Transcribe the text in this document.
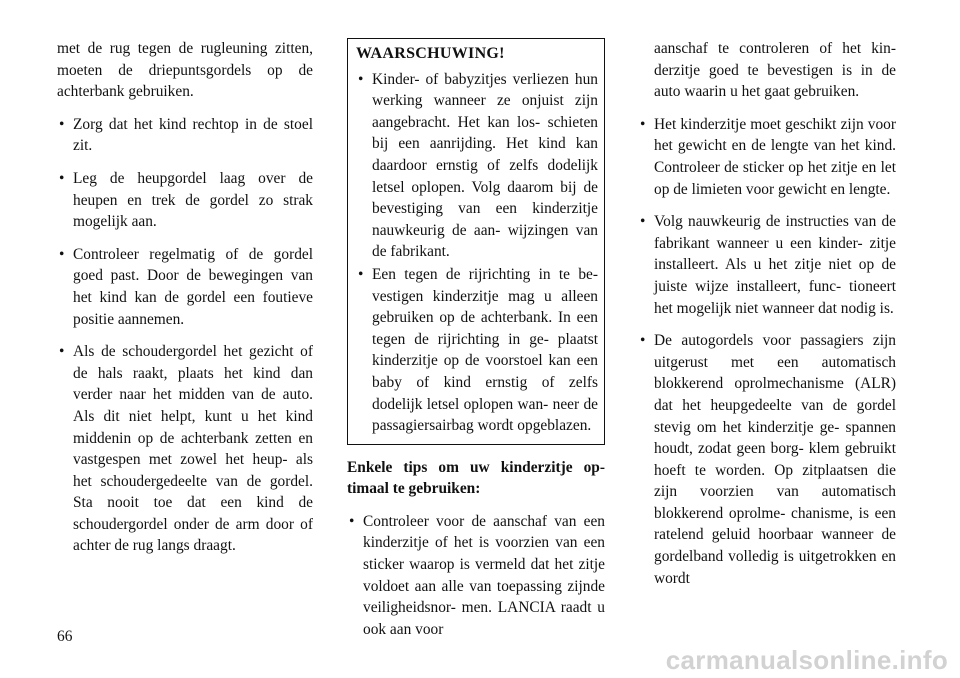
met de rug tegen de rugleuning zitten, moeten de driepuntsgordels op de achterbank gebruiken.

• Zorg dat het kind rechtop in de stoel zit.
• Leg de heupgordel laag over de heupen en trek de gordel zo strak mogelijk aan.
• Controleer regelmatig of de gordel goed past. Door de bewegingen van het kind kan de gordel een foutieve positie aannemen.
• Als de schoudergordel het gezicht of de hals raakt, plaats het kind dan verder naar het midden van de auto. Als dit niet helpt, kunt u het kind middenin op de achterbank zetten en vastgespen met zowel het heup- als het schoudergedeelte van de gordel. Sta nooit toe dat een kind de schoudergordel onder de arm door of achter de rug langs draagt.
WAARSCHUWING!
• Kinder- of babyzitjes verliezen hun werking wanneer ze onjuist zijn aangebracht. Het kan los- schieten bij een aanrijding. Het kind kan daardoor ernstig of zelfs dodelijk letsel oplopen. Volg daarom bij de bevestiging van een kinderzitje nauwkeurig de aan- wijzingen van de fabrikant.
• Een tegen de rijrichting in te be- vestigen kinderzitje mag u alleen gebruiken op de achterbank. In een tegen de rijrichting in ge- plaatst kinderzitje op de voorstoel kan een baby of kind ernstig of zelfs dodelijk letsel oplopen wan- neer de passagiersairbag wordt opgeblazen.

Enkele tips om uw kinderzitje op- timaal te gebruiken:

• Controleer voor de aanschaf van een kinderzitje of het is voorzien van een sticker waarop is vermeld dat het zitje voldoet aan alle van toepassing zijnde veiligheidsnor- men. LANCIA raadt u ook aan voor

aanschaf te controleren of het kin- derzitje goed te bevestigen is in de auto waarin u het gaat gebruiken.

• Het kinderzitje moet geschikt zijn voor het gewicht en de lengte van het kind. Controleer de sticker op het zitje en let op de limieten voor gewicht en lengte.
• Volg nauwkeurig de instructies van de fabrikant wanneer u een kinder- zitje installeert. Als u het zitje niet op de juiste wijze installeert, func- tioneert het mogelijk niet wanneer dat nodig is.
• De autogordels voor passagiers zijn uitgerust met een automatisch blokkerend oprolmechanisme (ALR) dat het heupgedeelte van de gordel stevig om het kinderzitje ge- spannen houdt, zodat geen borg- klem gebruikt hoeft te worden. Op zitplaatsen die zijn voorzien van automatisch blokkerend oprolme- chanisme, is een ratelend geluid hoorbaar wanneer de gordelband volledig is uitgetrokken en wordt
66
carmanualsonline.info
